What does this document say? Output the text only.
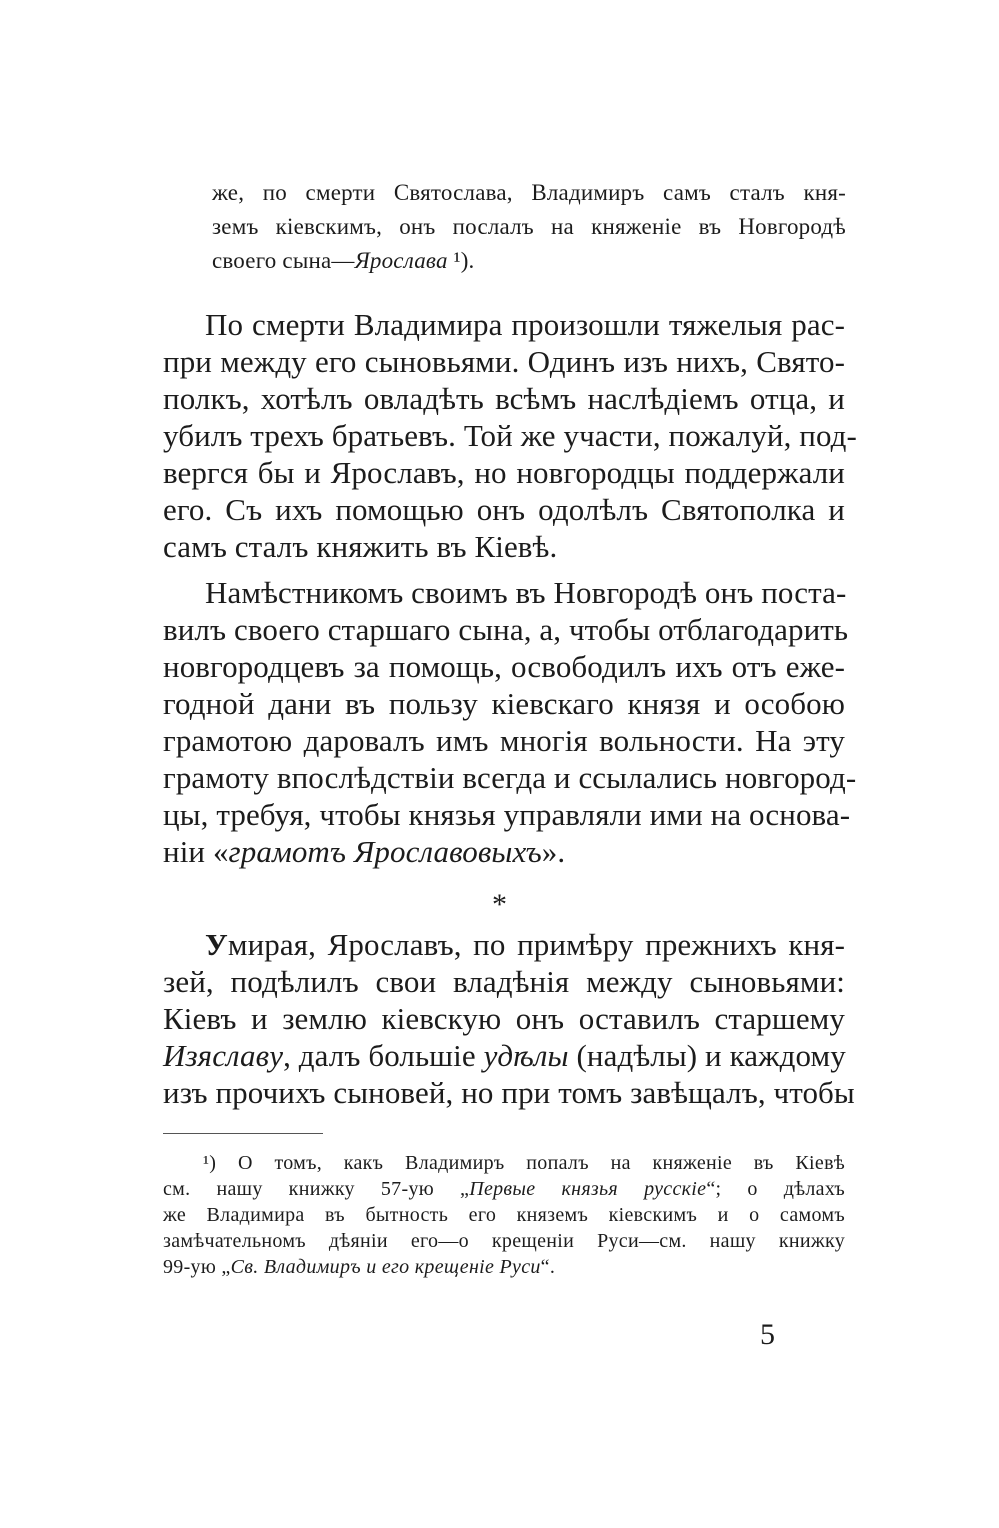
же, по смерти Святослава, Владимиръ самъ сталъ кня-
земъ кіевскимъ, онъ послалъ на княженіе въ Новгородѣ
своего сына—Ярослава ¹).
По смерти Владимира произошли тяжелыя рас-
при между его сыновьями. Одинъ изъ нихъ, Свято-
полкъ, хотѣлъ овладѣть всѣмъ наслѣдіемъ отца, и
убилъ трехъ братьевъ. Той же участи, пожалуй, под-
вергся бы и Ярославъ, но новгородцы поддержали
его. Съ ихъ помощью онъ одолѣлъ Святополка и
самъ сталъ княжить въ Кіевѣ.
Намѣстникомъ своимъ въ Новгородѣ онъ поста-
вилъ своего старшаго сына, а, чтобы отблагодарить
новгородцевъ за помощь, освободилъ ихъ отъ еже-
годной дани въ пользу кіевскаго князя и особою
грамотою даровалъ имъ многія вольности. На эту
грамоту впослѣдствіи всегда и ссылались новгород-
цы, требуя, чтобы князья управляли ими на основа-
ніи «грамотъ Ярославовыхъ».
*
Умирая, Ярославъ, по примѣру прежнихъ кня-
зей, подѣлилъ свои владѣнія между сыновьями:
Кіевъ и землю кіевскую онъ оставилъ старшему
Изяславу, далъ большіе удѣлы (надѣлы) и каждому
изъ прочихъ сыновей, но при томъ завѣщалъ, чтобы
¹) О томъ, какъ Владимиръ попалъ на княженіе въ Кіевѣ
см. нашу книжку 57-ую „Первые князья русскіе“; о дѣлахъ
же Владимира въ бытность его княземъ кіевскимъ и о самомъ
замѣчательномъ дѣяніи его—о крещеніи Руси—см. нашу книжку
99-ую „Св. Владимиръ и его крещеніе Руси“.
5
